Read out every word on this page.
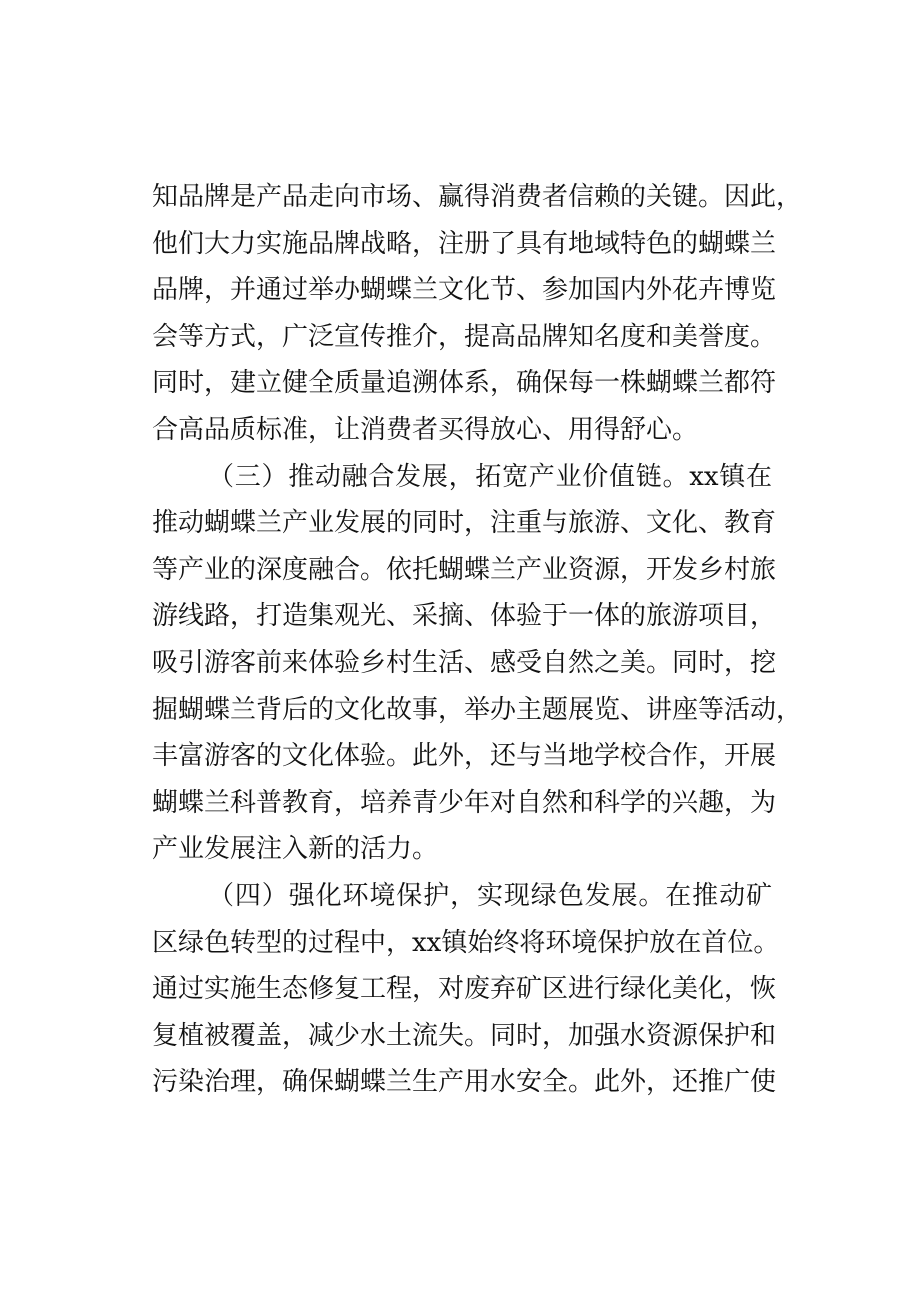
知品牌是产品走向市场、赢得消费者信赖的关键。因此，
他们大力实施品牌战略，注册了具有地域特色的蝴蝶兰
品牌，并通过举办蝴蝶兰文化节、参加国内外花卉博览
会等方式，广泛宣传推介，提高品牌知名度和美誉度。
同时，建立健全质量追溯体系，确保每一株蝴蝶兰都符
合高品质标准，让消费者买得放心、用得舒心。
（三）推动融合发展，拓宽产业价值链。xx镇在
推动蝴蝶兰产业发展的同时，注重与旅游、文化、教育
等产业的深度融合。依托蝴蝶兰产业资源，开发乡村旅
游线路，打造集观光、采摘、体验于一体的旅游项目，
吸引游客前来体验乡村生活、感受自然之美。同时，挖
掘蝴蝶兰背后的文化故事，举办主题展览、讲座等活动，
丰富游客的文化体验。此外，还与当地学校合作，开展
蝴蝶兰科普教育，培养青少年对自然和科学的兴趣，为
产业发展注入新的活力。
（四）强化环境保护，实现绿色发展。在推动矿
区绿色转型的过程中，xx镇始终将环境保护放在首位。
通过实施生态修复工程，对废弃矿区进行绿化美化，恢
复植被覆盖，减少水土流失。同时，加强水资源保护和
污染治理，确保蝴蝶兰生产用水安全。此外，还推广使
